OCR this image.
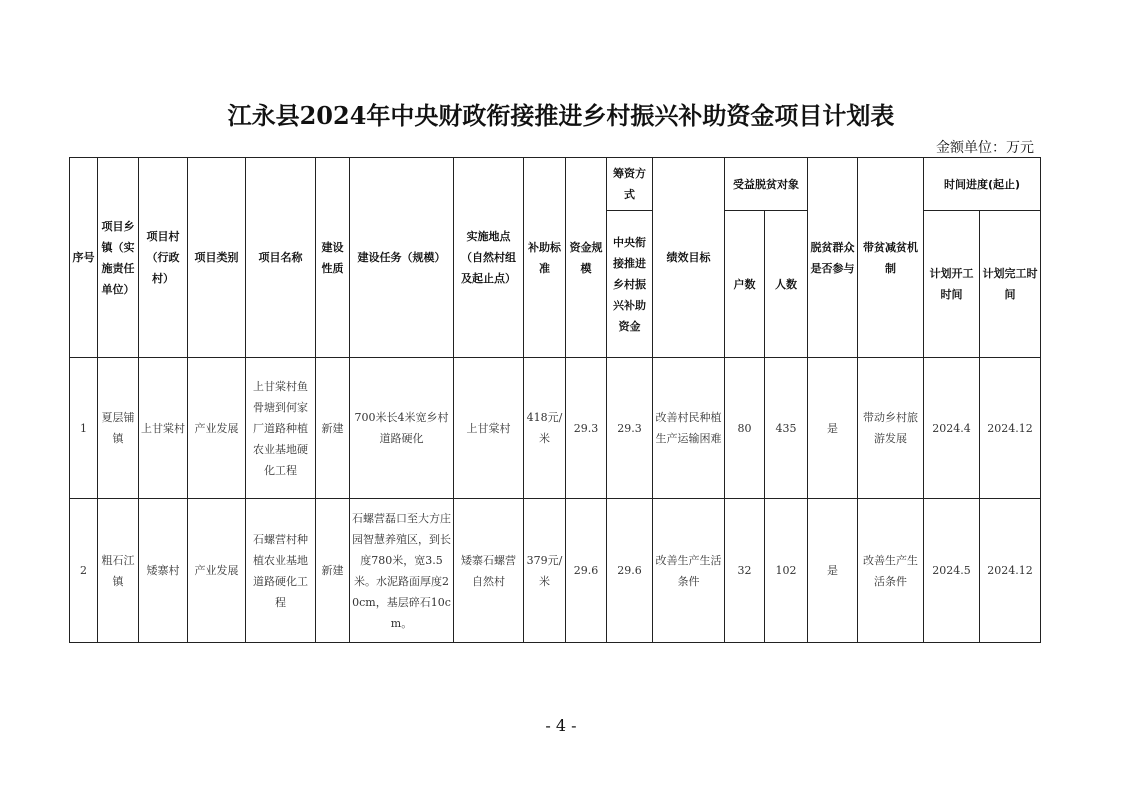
江永县2024年中央财政衔接推进乡村振兴补助资金项目计划表
金额单位：万元
序号	项目乡镇（实施责任单位）	项目村（行政村）	项目类别	项目名称	建设性质	建设任务（规模）	实施地点（自然村组及起止点）	补助标准	资金规模	筹资方式	绩效目标	受益脱贫对象		脱贫群众是否参与	带贫减贫机制	时间进度(起止)	
										中央衔接推进乡村振兴补助资金		户数	人数			计划开工时间	计划完工时间
1	夏层铺镇	上甘棠村	产业发展	上甘棠村鱼骨塘到何家厂道路种植农业基地硬化工程	新建	700米长4米宽乡村道路硬化	上甘棠村	418元/米	29.3	29.3	改善村民种植生产运输困难	80	435	是	带动乡村旅游发展	2024.4	2024.12
2	粗石江镇	矮寨村	产业发展	石螺营村种植农业基地道路硬化工程	新建	石螺营磊口至大方庄园智慧养殖区，到长度780米，宽3.5米。水泥路面厚度20cm，基层碎石10cm。	矮寨石螺营自然村	379元/米	29.6	29.6	改善生产生活条件	32	102	是	改善生产生活条件	2024.5	2024.12
- 4 -
